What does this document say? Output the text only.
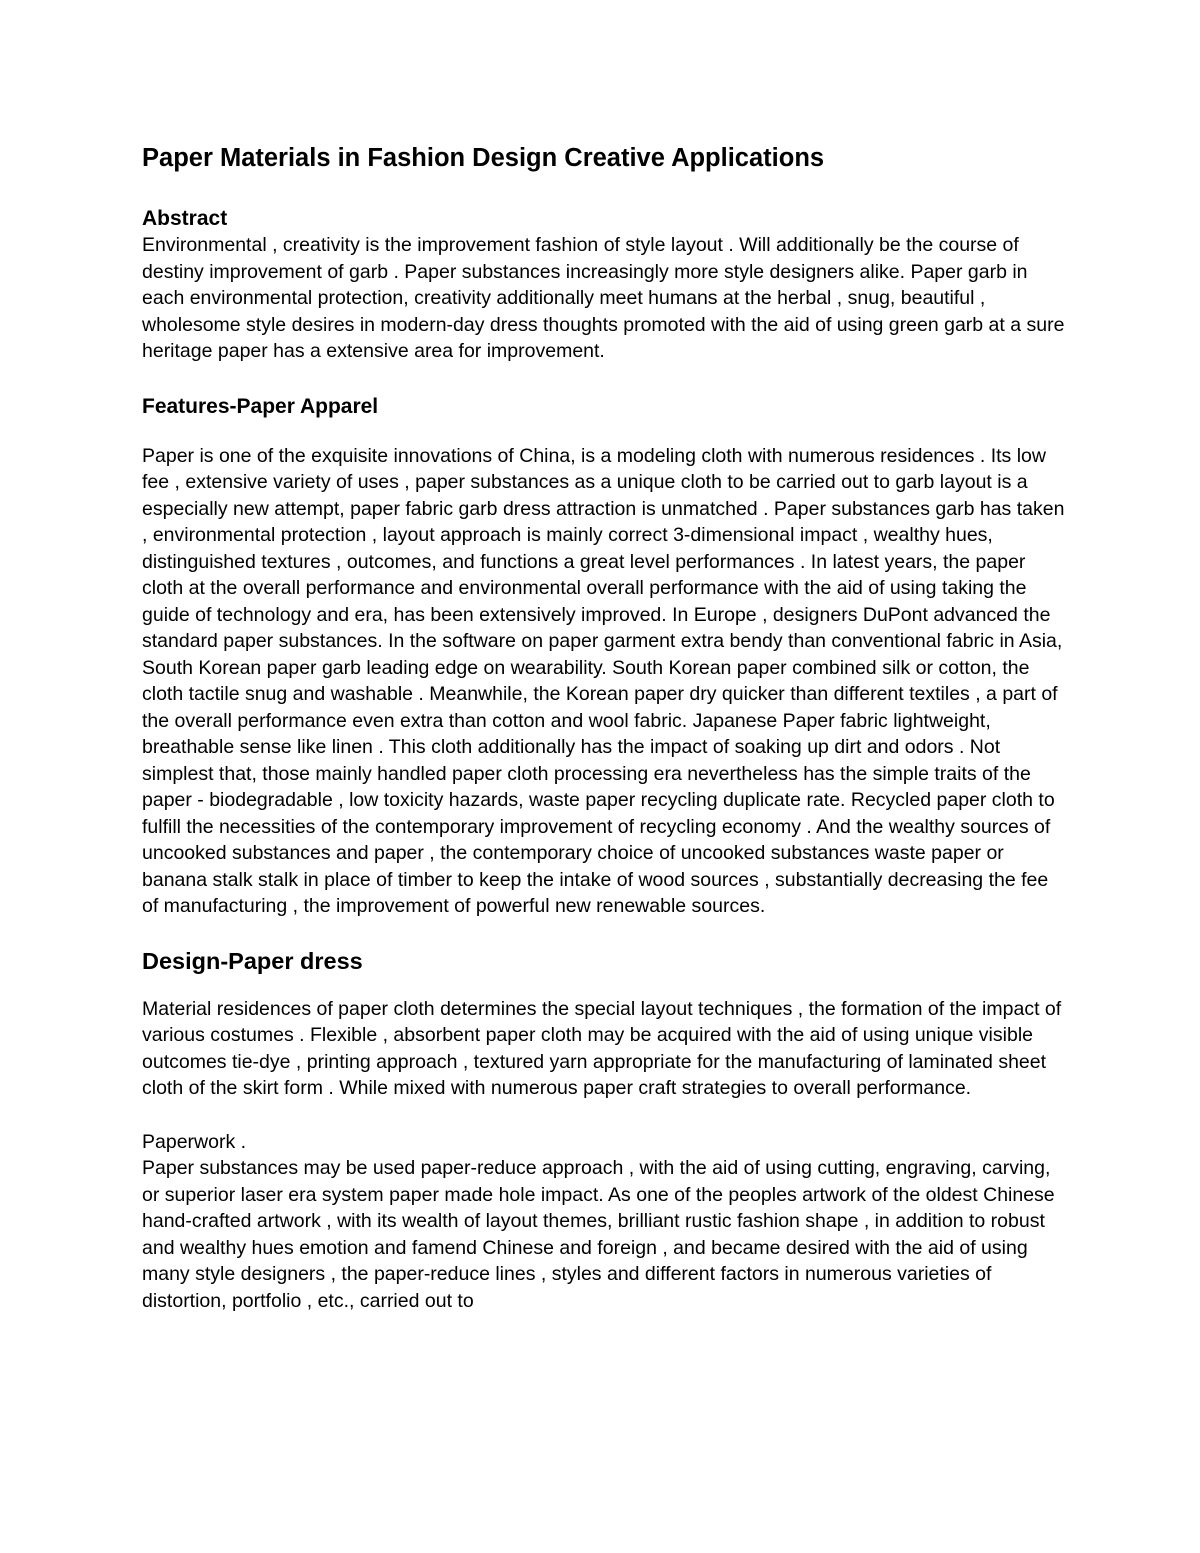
Paper Materials in Fashion Design Creative Applications
Abstract

Environmental , creativity is the improvement fashion of style layout . Will additionally be the course of destiny improvement of garb . Paper substances increasingly more style designers alike. Paper garb in each environmental protection, creativity additionally meet humans at the herbal , snug, beautiful , wholesome style desires in modern-day dress thoughts promoted with the aid of using green garb at a sure heritage paper has a extensive area for improvement.

Features-Paper Apparel

Paper is one of the exquisite innovations of China, is a modeling cloth with numerous residences . Its low fee , extensive variety of uses , paper substances as a unique cloth to be carried out to garb layout is a especially new attempt, paper fabric garb dress attraction is unmatched . Paper substances garb has taken , environmental protection , layout approach is mainly correct 3-dimensional impact , wealthy hues, distinguished textures , outcomes, and functions a great level performances . In latest years, the paper cloth at the overall performance and environmental overall performance with the aid of using taking the guide of technology and era, has been extensively improved. In Europe , designers DuPont advanced the standard paper substances. In the software on paper garment extra bendy than conventional fabric in Asia, South Korean paper garb leading edge on wearability. South Korean paper combined silk or cotton, the cloth tactile snug and washable . Meanwhile, the Korean paper dry quicker than different textiles , a part of the overall performance even extra than cotton and wool fabric. Japanese Paper fabric lightweight, breathable sense like linen . This cloth additionally has the impact of soaking up dirt and odors . Not simplest that, those mainly handled paper cloth processing era nevertheless has the simple traits of the paper - biodegradable , low toxicity hazards, waste paper recycling duplicate rate. Recycled paper cloth to fulfill the necessities of the contemporary improvement of recycling economy . And the wealthy sources of uncooked substances and paper , the contemporary choice of uncooked substances waste paper or banana stalk stalk in place of timber to keep the intake of wood sources , substantially decreasing the fee of manufacturing , the improvement of powerful new renewable sources.

Design-Paper dress

Material residences of paper cloth determines the special layout techniques , the formation of the impact of various costumes . Flexible , absorbent paper cloth may be acquired with the aid of using unique visible outcomes tie-dye , printing approach , textured yarn appropriate for the manufacturing of laminated sheet cloth of the skirt form . While mixed with numerous paper craft strategies to overall performance.

Paperwork .

Paper substances may be used paper-reduce approach , with the aid of using cutting, engraving, carving, or superior laser era system paper made hole impact. As one of the peoples artwork of the oldest Chinese hand-crafted artwork , with its wealth of layout themes, brilliant rustic fashion shape , in addition to robust and wealthy hues emotion and famend Chinese and foreign , and became desired with the aid of using many style designers , the paper-reduce lines , styles and different factors in numerous varieties of distortion, portfolio , etc., carried out to
